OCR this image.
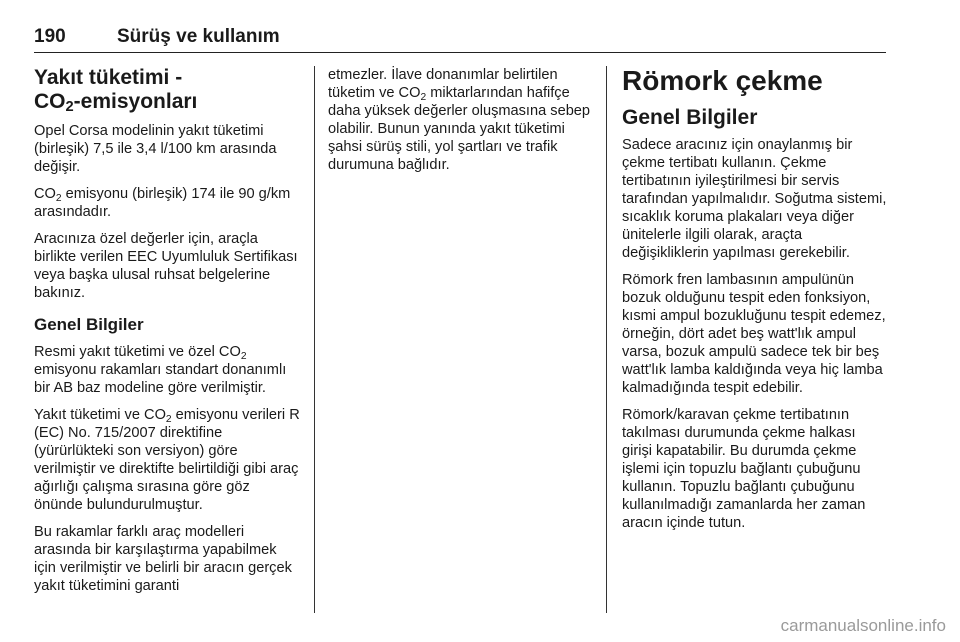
190	Sürüş ve kullanım
Yakıt tüketimi -
$CO_2$-emisyonları

Opel Corsa modelinin yakıt tüketimi (birleşik) 7,5 ile 3,4 l/100 km arasında değişir.

$CO_2$ emisyonu (birleşik) 174 ile 90 g/km arasındadır.

Aracınıza özel değerler için, araçla birlikte verilen EEC Uyumluluk Sertifikası veya başka ulusal ruhsat belgelerine bakınız.

Genel Bilgiler

Resmi yakıt tüketimi ve özel $CO_2$ emisyonu rakamları standart donanımlı bir AB baz modeline göre verilmiştir.

Yakıt tüketimi ve $CO_2$ emisyonu verileri R (EC) No. 715/2007 direktifine (yürürlükteki son versiyon) göre verilmiştir ve direktifte belirtildiği gibi araç ağırlığı çalışma sırasına göre göz önünde bulundurulmuştur.

Bu rakamlar farklı araç modelleri arasında bir karşılaştırma yapabilmek için verilmiştir ve belirli bir aracın gerçek yakıt tüketimini garanti

etmezler. İlave donanımlar belirtilen tüketim ve $CO_2$ miktarlarından hafifçe daha yüksek değerler oluşmasına sebep olabilir. Bunun yanında yakıt tüketimi şahsi sürüş stili, yol şartları ve trafik durumuna bağlıdır.

Römork çekme
Genel Bilgiler

Sadece aracınız için onaylanmış bir çekme tertibatı kullanın. Çekme tertibatının iyileştirilmesi bir servis tarafından yapılmalıdır. Soğutma sistemi, sıcaklık koruma plakaları veya diğer ünitelerle ilgili olarak, araçta değişikliklerin yapılması gerekebilir.

Römork fren lambasının ampulünün bozuk olduğunu tespit eden fonksiyon, kısmi ampul bozukluğunu tespit edemez, örneğin, dört adet beş watt'lık ampul varsa, bozuk ampulü sadece tek bir beş watt'lık lamba kaldığında veya hiç lamba kalmadığında tespit edebilir.

Römork/karavan çekme tertibatının takılması durumunda çekme halkası girişi kapatabilir. Bu durumda çekme işlemi için topuzlu bağlantı çubuğunu kullanın. Topuzlu bağlantı çubuğunu kullanılmadığı zamanlarda her zaman aracın içinde tutun.

carmanualsonline.info
